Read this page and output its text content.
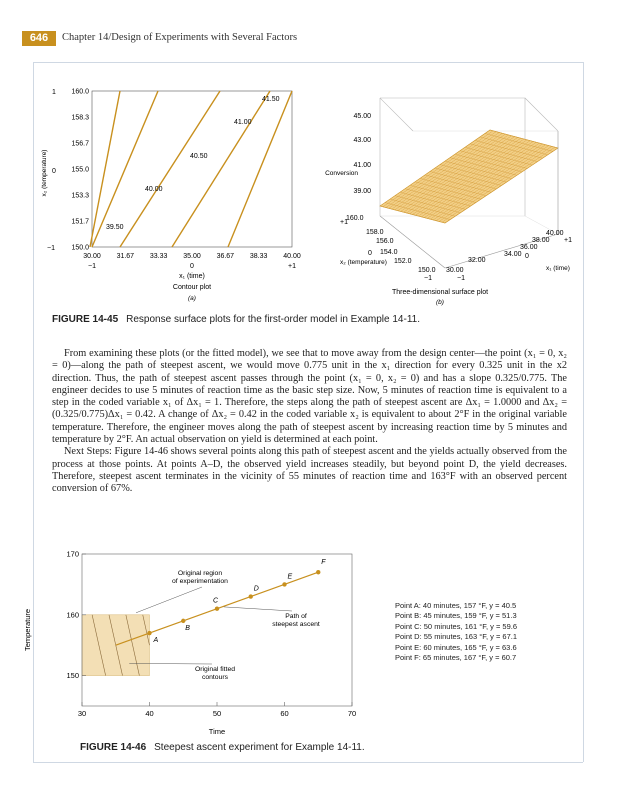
646	Chapter 14/Design of Experiments with Several Factors
1
0
−1
x₂ (temperature)
160.0
158.3
156.7
155.0
153.3
151.7
150.0
39.50
40.00
40.50
41.00
41.50
30.00 31.67 33.33 35.00 36.67 38.33 40.00
−1	0	+1
x₁ (time)
Contour plot
(a)
45.00
43.00
41.00
39.00
Conversion
+1
160.0
158.0
156.0
0 154.0
152.0
x₂ (temperature)
150.0
−1
30.00
−1
32.00
34.00 0
36.00
38.00 +1
40.00
x₁ (time)
Three-dimensional surface plot
(b)
FIGURE 14-45 Response surface plots for the first-order model in Example 14-11.

From examining these plots (or the fitted model), we see that to move away from the design center—the point (x₁ = 0, x₂ = 0)—along the path of steepest ascent, we would move 0.775 unit in the x₁ direction for every 0.325 unit in the x2 direction. Thus, the path of steepest ascent passes through the point (x₁ = 0, x₂ = 0) and has a slope 0.325/0.775. The engineer decides to use 5 minutes of reaction time as the basic step size. Now, 5 minutes of reaction time is equivalent to a step in the coded variable x₁ of Δx₁ = 1. Therefore, the steps along the path of steepest ascent are Δx₁ = 1.0000 and Δx₂ = (0.325/0.775)Δx₁ = 0.42. A change of Δx₂ = 0.42 in the coded variable x₂ is equivalent to about 2°F in the original variable temperature. Therefore, the engineer moves along the path of steepest ascent by increasing reaction time by 5 minutes and temperature by 2°F. An actual observation on yield is determined at each point.

Next Steps: Figure 14-46 shows several points along this path of steepest ascent and the yields actually observed from the process at those points. At points A–D, the observed yield increases steadily, but beyond point D, the yield decreases. Therefore, steepest ascent terminates in the vicinity of 55 minutes of reaction time and 163°F with an observed percent conversion of 67%.

150
160
170
30	40	50	60	70
Temperature
Time
A
B
C
D
E
F
Original region of experimentation
Path of steepest ascent
Original fitted contours
Point A: 40 minutes, 157 °F, y = 40.5
Point B: 45 minutes, 159 °F, y = 51.3
Point C: 50 minutes, 161 °F, y = 59.6
Point D: 55 minutes, 163 °F, y = 67.1
Point E: 60 minutes, 165 °F, y = 63.6
Point F: 65 minutes, 167 °F, y = 60.7
FIGURE 14-46 Steepest ascent experiment for Example 14-11.
